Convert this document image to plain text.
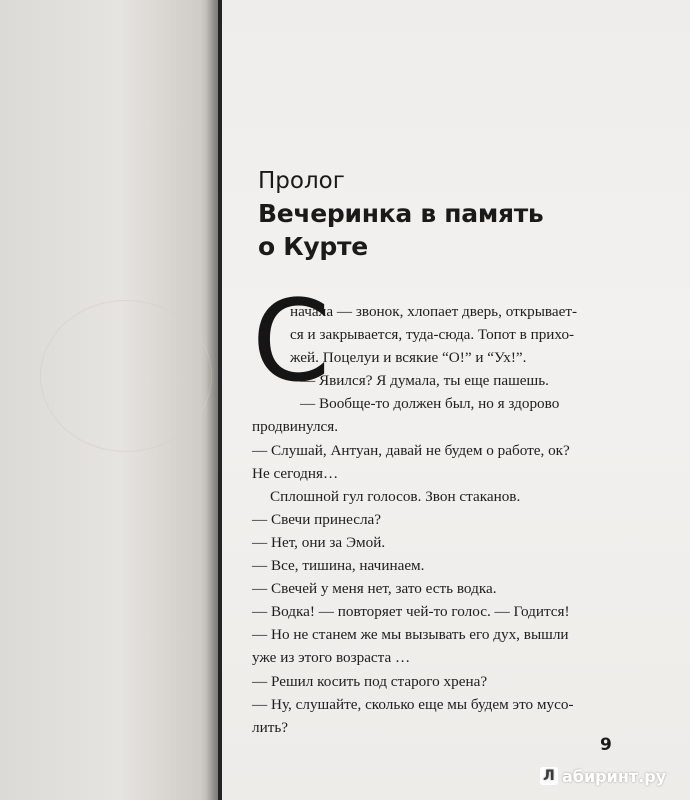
Пролог
Вечеринка в память
о Курте
С
начала — звонок, хлопает дверь, открывает-
ся и закрывается, туда-сюда. Топот в прихо-
жей. Поцелуи и всякие “О!” и “Ух!”.
— Явился? Я думала, ты еще пашешь.
— Вообще-то должен был, но я здорово
продвинулся.
— Слушай, Антуан, давай не будем о работе, ок?
Не сегодня…
Сплошной гул голосов. Звон стаканов.
— Свечи принесла?
— Нет, они за Эмой.
— Все, тишина, начинаем.
— Свечей у меня нет, зато есть водка.
— Водка! — повторяет чей-то голос. — Годится!
— Но не станем же мы вызывать его дух, вышли
уже из этого возраста …
— Решил косить под старого хрена?
— Ну, слушайте, сколько еще мы будем это мусо-
лить?
9
Л абиринт.ру
